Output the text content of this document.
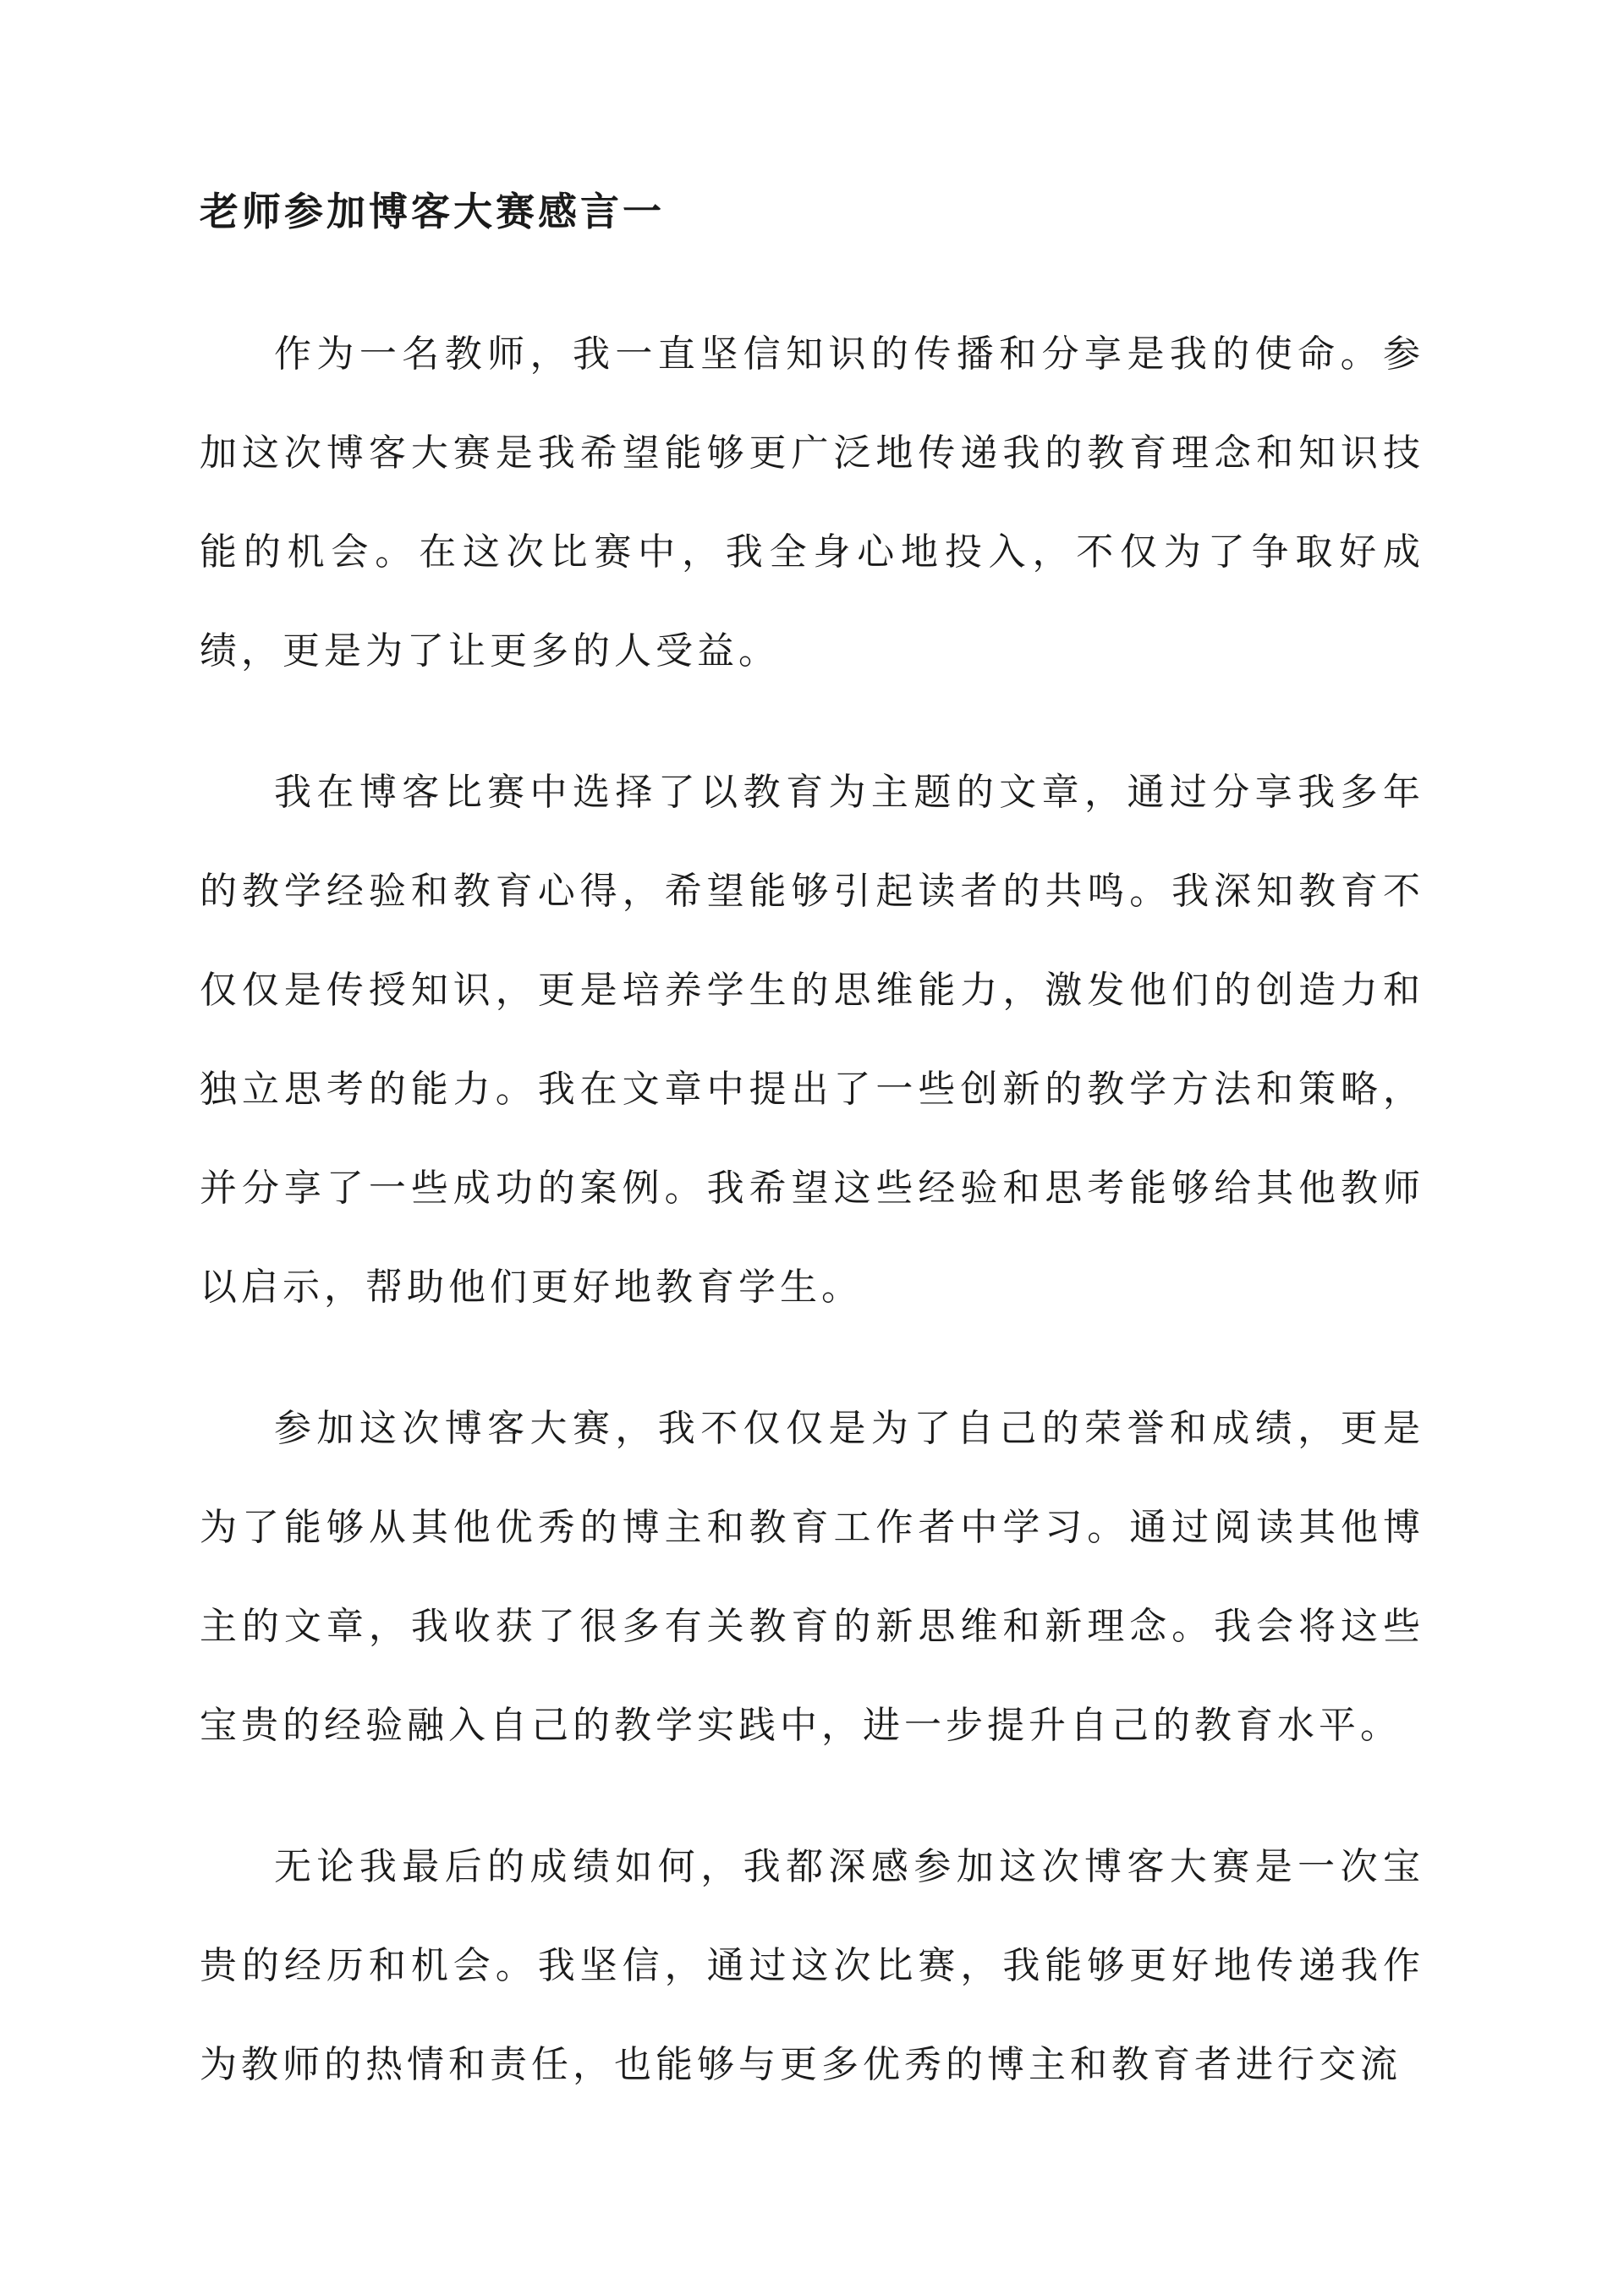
老师参加博客大赛感言一

作为一名教师，我一直坚信知识的传播和分享是我的使命。参加这次博客大赛是我希望能够更广泛地传递我的教育理念和知识技能的机会。在这次比赛中，我全身心地投入，不仅为了争取好成绩，更是为了让更多的人受益。

我在博客比赛中选择了以教育为主题的文章，通过分享我多年的教学经验和教育心得，希望能够引起读者的共鸣。我深知教育不仅仅是传授知识，更是培养学生的思维能力，激发他们的创造力和独立思考的能力。我在文章中提出了一些创新的教学方法和策略，并分享了一些成功的案例。我希望这些经验和思考能够给其他教师以启示，帮助他们更好地教育学生。

参加这次博客大赛，我不仅仅是为了自己的荣誉和成绩，更是为了能够从其他优秀的博主和教育工作者中学习。通过阅读其他博主的文章，我收获了很多有关教育的新思维和新理念。我会将这些宝贵的经验融入自己的教学实践中，进一步提升自己的教育水平。

无论我最后的成绩如何，我都深感参加这次博客大赛是一次宝贵的经历和机会。我坚信，通过这次比赛，我能够更好地传递我作为教师的热情和责任，也能够与更多优秀的博主和教育者进行交流
